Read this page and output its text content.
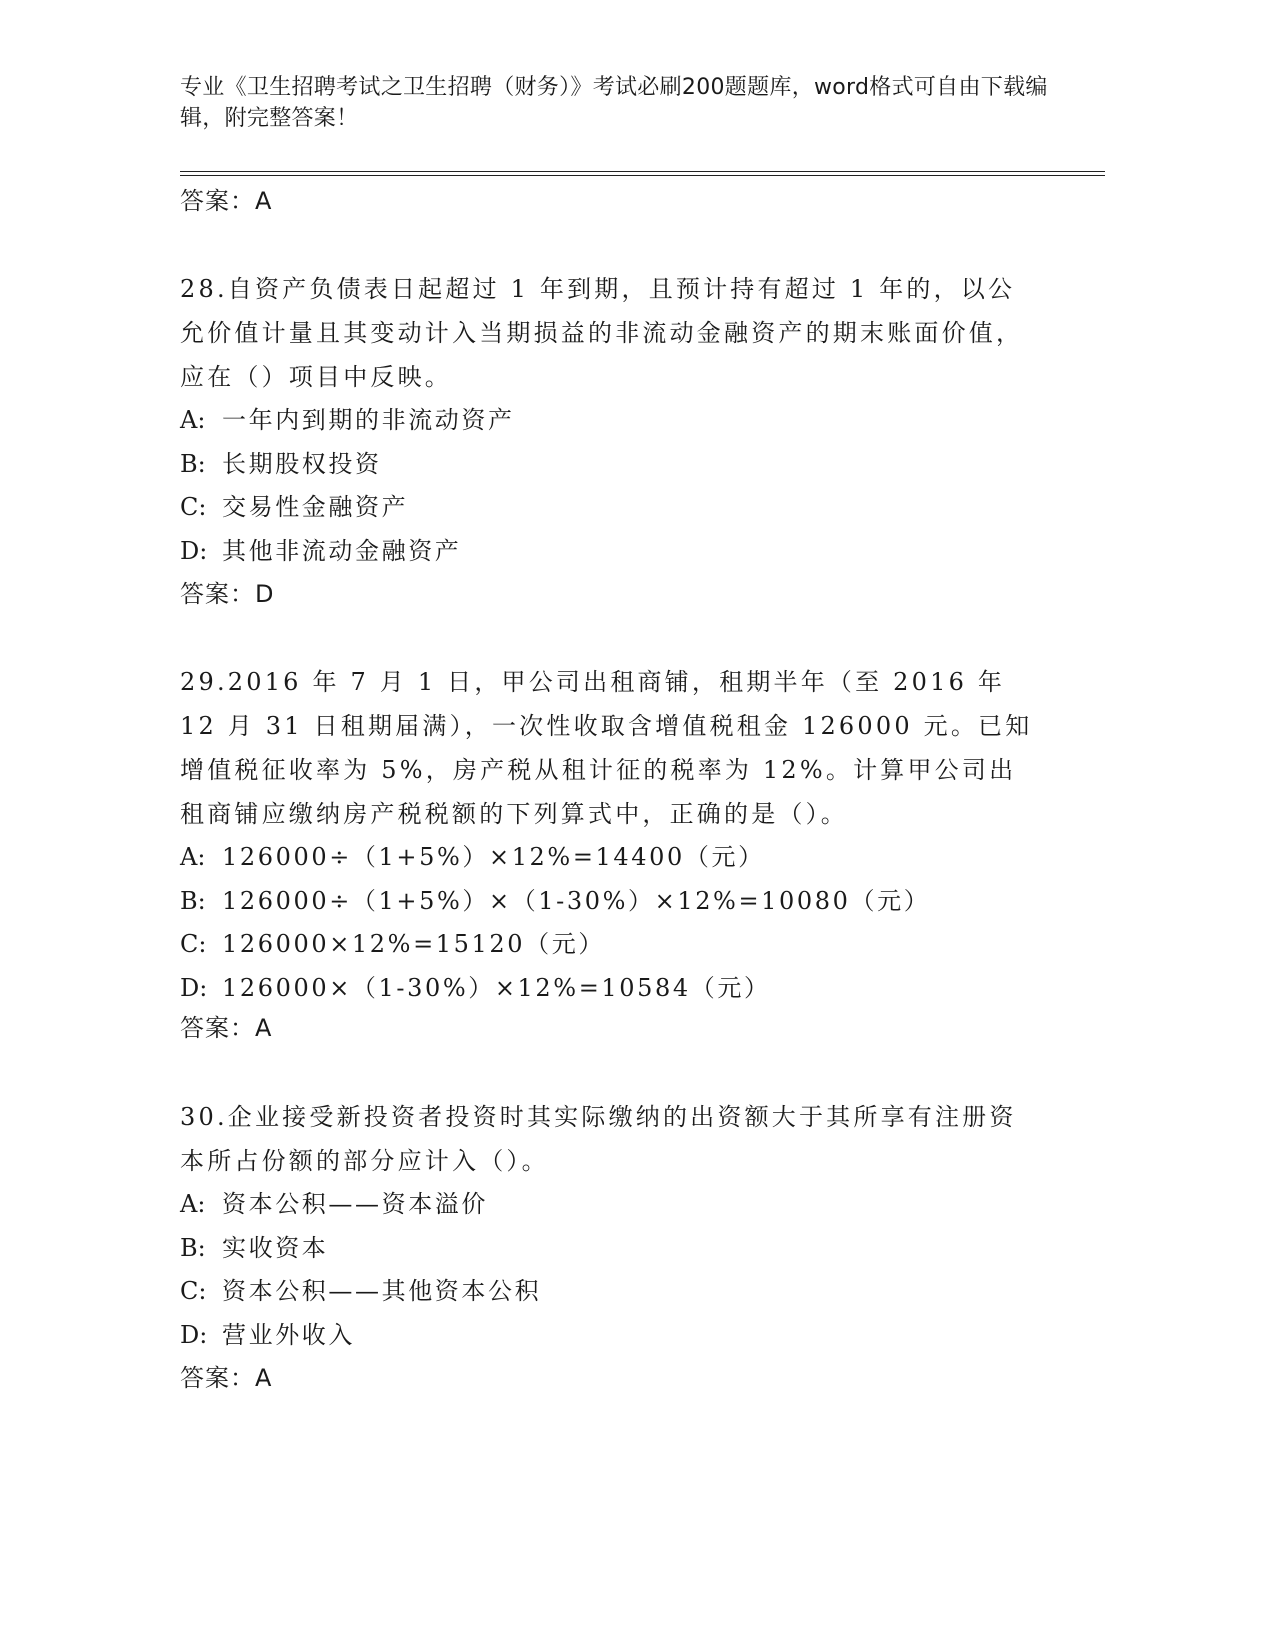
专业《卫生招聘考试之卫生招聘（财务）》考试必刷200题题库，word格式可自由下载编辑，附完整答案！
答案：A
28.自资产负债表日起超过 1 年到期，且预计持有超过 1 年的，以公允价值计量且其变动计入当期损益的非流动金融资产的期末账面价值，应在（）项目中反映。
A: 一年内到期的非流动资产
B: 长期股权投资
C: 交易性金融资产
D: 其他非流动金融资产
答案：D
29.2016 年 7 月 1 日，甲公司出租商铺，租期半年（至 2016 年 12 月 31 日租期届满），一次性收取含增值税租金 126000 元。已知增值税征收率为 5%，房产税从租计征的税率为 12%。计算甲公司出租商铺应缴纳房产税税额的下列算式中，正确的是（）。
A: 126000÷（1+5%）×12%=14400（元）
B: 126000÷（1+5%）×（1-30%）×12%=10080（元）
C: 126000×12%=15120（元）
D: 126000×（1-30%）×12%=10584（元）
答案：A
30.企业接受新投资者投资时其实际缴纳的出资额大于其所享有注册资本所占份额的部分应计入（）。
A: 资本公积——资本溢价
B: 实收资本
C: 资本公积——其他资本公积
D: 营业外收入
答案：A
